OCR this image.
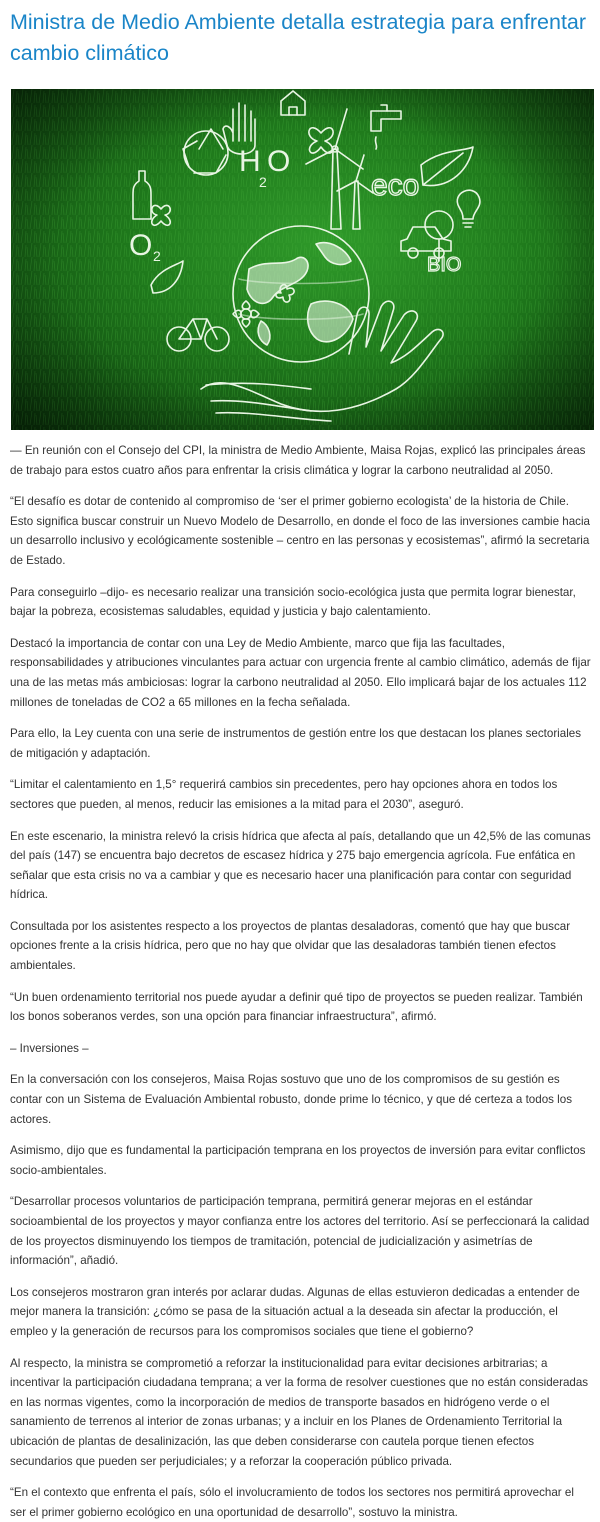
Ministra de Medio Ambiente detalla estrategia para enfrentar cambio climático
H O
2
O 2
eco
BIO

— En reunión con el Consejo del CPI, la ministra de Medio Ambiente, Maisa Rojas, explicó las principales áreas de trabajo para estos cuatro años para enfrentar la crisis climática y lograr la carbono neutralidad al 2050.

“El desafío es dotar de contenido al compromiso de ‘ser el primer gobierno ecologista’ de la historia de Chile. Esto significa buscar construir un Nuevo Modelo de Desarrollo, en donde el foco de las inversiones cambie hacia un desarrollo inclusivo y ecológicamente sostenible – centro en las personas y ecosistemas”, afirmó la secretaria de Estado.

Para conseguirlo –dijo- es necesario realizar una transición socio-ecológica justa que permita lograr bienestar, bajar la pobreza, ecosistemas saludables, equidad y justicia y bajo calentamiento.

Destacó la importancia de contar con una Ley de Medio Ambiente, marco que fija las facultades, responsabilidades y atribuciones vinculantes para actuar con urgencia frente al cambio climático, además de fijar una de las metas más ambiciosas: lograr la carbono neutralidad al 2050. Ello implicará bajar de los actuales 112 millones de toneladas de CO2 a 65 millones en la fecha señalada.

Para ello, la Ley cuenta con una serie de instrumentos de gestión entre los que destacan los planes sectoriales de mitigación y adaptación.

“Limitar el calentamiento en 1,5° requerirá cambios sin precedentes, pero hay opciones ahora en todos los sectores que pueden, al menos, reducir las emisiones a la mitad para el 2030”, aseguró.

En este escenario, la ministra relevó la crisis hídrica que afecta al país, detallando que un 42,5% de las comunas del país (147) se encuentra bajo decretos de escasez hídrica y 275 bajo emergencia agrícola. Fue enfática en señalar que esta crisis no va a cambiar y que es necesario hacer una planificación para contar con seguridad hídrica.

Consultada por los asistentes respecto a los proyectos de plantas desaladoras, comentó que hay que buscar opciones frente a la crisis hídrica, pero que no hay que olvidar que las desaladoras también tienen efectos ambientales.

“Un buen ordenamiento territorial nos puede ayudar a definir qué tipo de proyectos se pueden realizar. También los bonos soberanos verdes, son una opción para financiar infraestructura”, afirmó.

– Inversiones –

En la conversación con los consejeros, Maisa Rojas sostuvo que uno de los compromisos de su gestión es contar con un Sistema de Evaluación Ambiental robusto, donde prime lo técnico, y que dé certeza a todos los actores.

Asimismo, dijo que es fundamental la participación temprana en los proyectos de inversión para evitar conflictos socio-ambientales.

“Desarrollar procesos voluntarios de participación temprana, permitirá generar mejoras en el estándar socioambiental de los proyectos y mayor confianza entre los actores del territorio. Así se perfeccionará la calidad de los proyectos disminuyendo los tiempos de tramitación, potencial de judicialización y asimetrías de información”, añadió.

Los consejeros mostraron gran interés por aclarar dudas. Algunas de ellas estuvieron dedicadas a entender de mejor manera la transición: ¿cómo se pasa de la situación actual a la deseada sin afectar la producción, el empleo y la generación de recursos para los compromisos sociales que tiene el gobierno?

Al respecto, la ministra se comprometió a reforzar la institucionalidad para evitar decisiones arbitrarias; a incentivar la participación ciudadana temprana; a ver la forma de resolver cuestiones que no están consideradas en las normas vigentes, como la incorporación de medios de transporte basados en hidrógeno verde o el sanamiento de terrenos al interior de zonas urbanas; y a incluir en los Planes de Ordenamiento Territorial la ubicación de plantas de desalinización, las que deben considerarse con cautela porque tienen efectos secundarios que pueden ser perjudiciales; y a reforzar la cooperación público privada.

“En el contexto que enfrenta el país, sólo el involucramiento de todos los sectores nos permitirá aprovechar el ser el primer gobierno ecológico en una oportunidad de desarrollo”, sostuvo la ministra.
